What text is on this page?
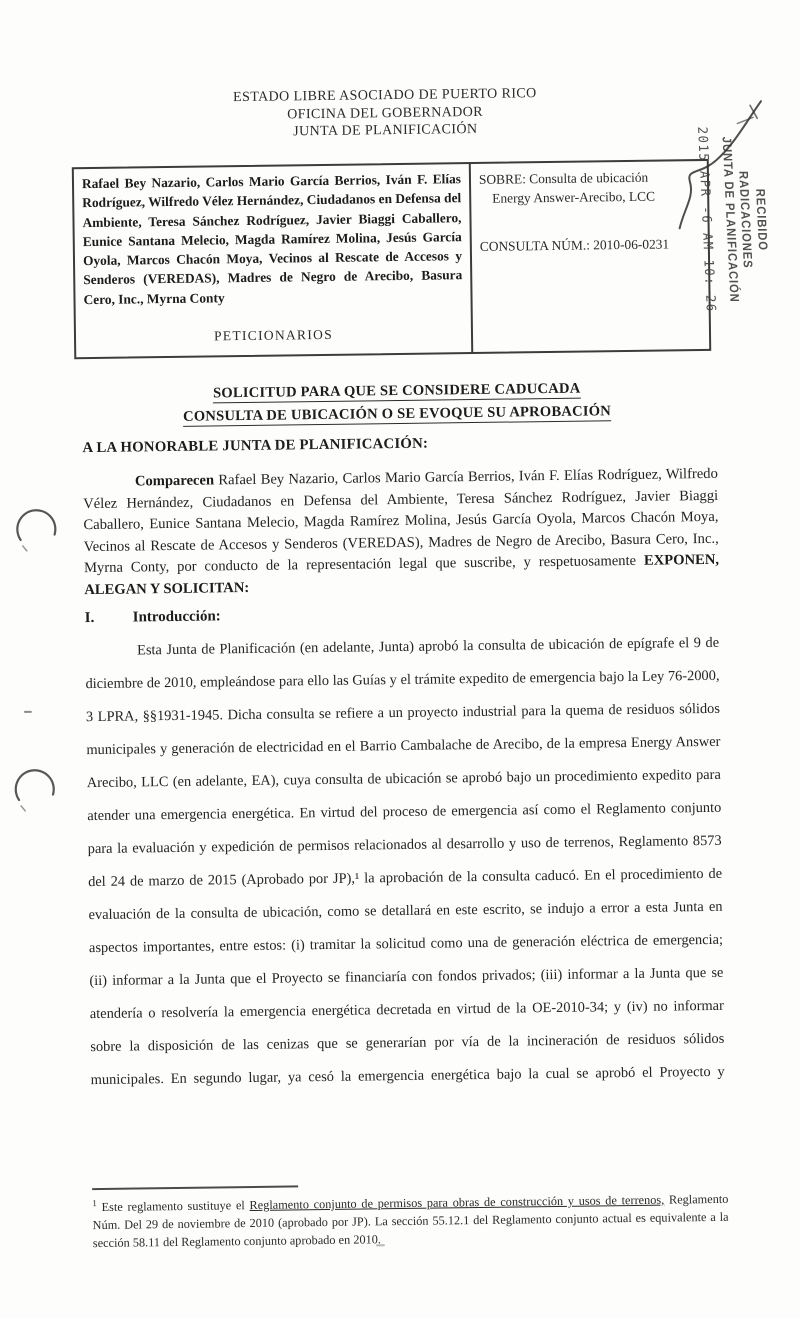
ESTADO LIBRE ASOCIADO DE PUERTO RICO
OFICINA DEL GOBERNADOR
JUNTA DE PLANIFICACIÓN

Rafael Bey Nazario, Carlos Mario García Berrios, Iván F. Elías Rodríguez, Wilfredo Vélez Hernández, Ciudadanos en Defensa del Ambiente, Teresa Sánchez Rodríguez, Javier Biaggi Caballero, Eunice Santana Melecio, Magda Ramírez Molina, Jesús García Oyola, Marcos Chacón Moya, Vecinos al Rescate de Accesos y Senderos (VEREDAS), Madres de Negro de Arecibo, Basura Cero, Inc., Myrna Conty

PETICIONARIOS

SOBRE: Consulta de ubicación
Energy Answer-Arecibo, LCC
CONSULTA NÚM.: 2010-06-0231	RECIBIDO
RADICACIONES
JUNTA DE PLANIFICACIÓN
2015 APR -6 AM 10: 26
SOLICITUD PARA QUE SE CONSIDERE CADUCADA
CONSULTA DE UBICACIÓN O SE EVOQUE SU APROBACIÓN
A LA HONORABLE JUNTA DE PLANIFICACIÓN:

Comparecen Rafael Bey Nazario, Carlos Mario García Berrios, Iván F. Elías Rodríguez, Wilfredo Vélez Hernández, Ciudadanos en Defensa del Ambiente, Teresa Sánchez Rodríguez, Javier Biaggi Caballero, Eunice Santana Melecio, Magda Ramírez Molina, Jesús García Oyola, Marcos Chacón Moya, Vecinos al Rescate de Accesos y Senderos (VEREDAS), Madres de Negro de Arecibo, Basura Cero, Inc., Myrna Conty, por conducto de la representación legal que suscribe, y respetuosamente EXPONEN, ALEGAN Y SOLICITAN:

I.	Introducción:

Esta Junta de Planificación (en adelante, Junta) aprobó la consulta de ubicación de epígrafe el 9 de diciembre de 2010, empleándose para ello las Guías y el trámite expedito de emergencia bajo la Ley 76-2000, 3 LPRA, §§1931-1945. Dicha consulta se refiere a un proyecto industrial para la quema de residuos sólidos municipales y generación de electricidad en el Barrio Cambalache de Arecibo, de la empresa Energy Answer Arecibo, LLC (en adelante, EA), cuya consulta de ubicación se aprobó bajo un procedimiento expedito para atender una emergencia energética. En virtud del proceso de emergencia así como el Reglamento conjunto para la evaluación y expedición de permisos relacionados al desarrollo y uso de terrenos, Reglamento 8573 del 24 de marzo de 2015 (Aprobado por JP),¹ la aprobación de la consulta caducó. En el procedimiento de evaluación de la consulta de ubicación, como se detallará en este escrito, se indujo a error a esta Junta en aspectos importantes, entre estos: (i) tramitar la solicitud como una de generación eléctrica de emergencia; (ii) informar a la Junta que el Proyecto se financiaría con fondos privados; (iii) informar a la Junta que se atendería o resolvería la emergencia energética decretada en virtud de la OE-2010-34; y (iv) no informar sobre la disposición de las cenizas que se generarían por vía de la incineración de residuos sólidos municipales. En segundo lugar, ya cesó la emergencia energética bajo la cual se aprobó el Proyecto y

$^1$ Este reglamento sustituye el Reglamento conjunto de permisos para obras de construcción y usos de terrenos, Reglamento Núm. Del 29 de noviembre de 2010 (aprobado por JP). La sección 55.12.1 del Reglamento conjunto actual es equivalente a la sección 58.11 del Reglamento conjunto aprobado en 2010.
